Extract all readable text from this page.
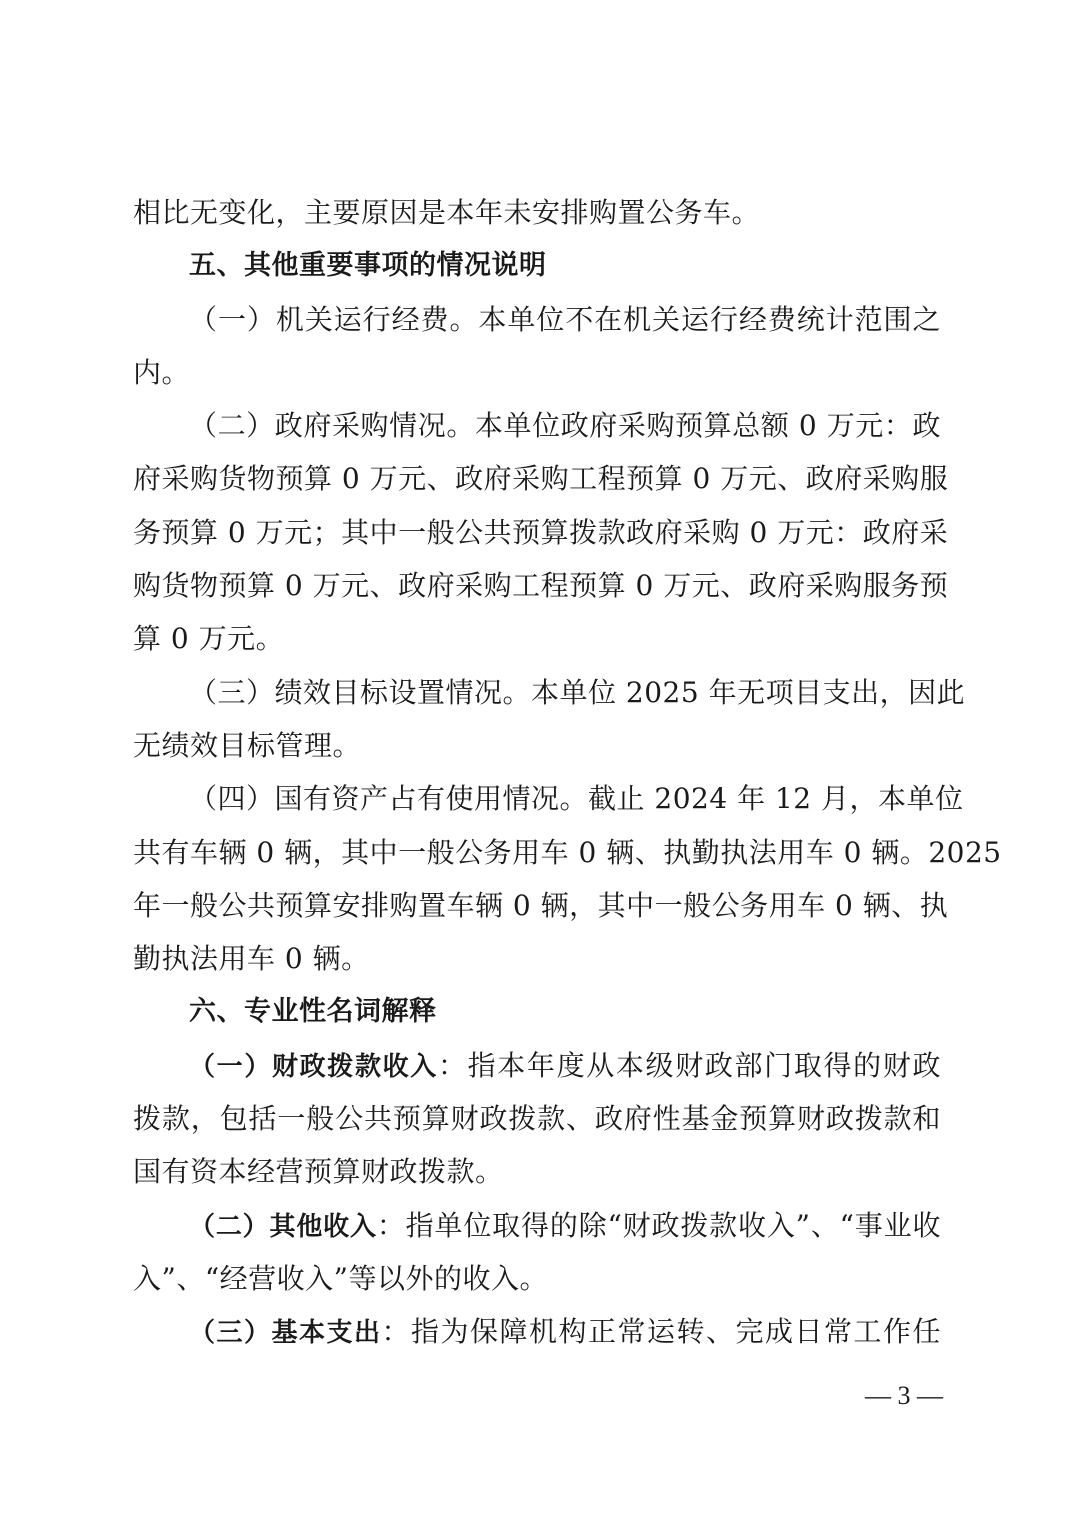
相比无变化，主要原因是本年未安排购置公务车。
五、其他重要事项的情况说明
（一）机关运行经费。本单位不在机关运行经费统计范围之
内。
（二）政府采购情况。本单位政府采购预算总额 0 万元：政
府采购货物预算 0 万元、政府采购工程预算 0 万元、政府采购服
务预算 0 万元；其中一般公共预算拨款政府采购 0 万元：政府采
购货物预算 0 万元、政府采购工程预算 0 万元、政府采购服务预
算 0 万元。
（三）绩效目标设置情况。本单位 2025 年无项目支出，因此
无绩效目标管理。
（四）国有资产占有使用情况。截止 2024 年 12 月，本单位
共有车辆 0 辆，其中一般公务用车 0 辆、执勤执法用车 0 辆。2025
年一般公共预算安排购置车辆 0 辆，其中一般公务用车 0 辆、执
勤执法用车 0 辆。
六、专业性名词解释
（一）财政拨款收入：指本年度从本级财政部门取得的财政
拨款，包括一般公共预算财政拨款、政府性基金预算财政拨款和
国有资本经营预算财政拨款。
（二）其他收入：指单位取得的除“财政拨款收入”、“事业收
入”、“经营收入”等以外的收入。
（三）基本支出：指为保障机构正常运转、完成日常工作任
— 3 —
